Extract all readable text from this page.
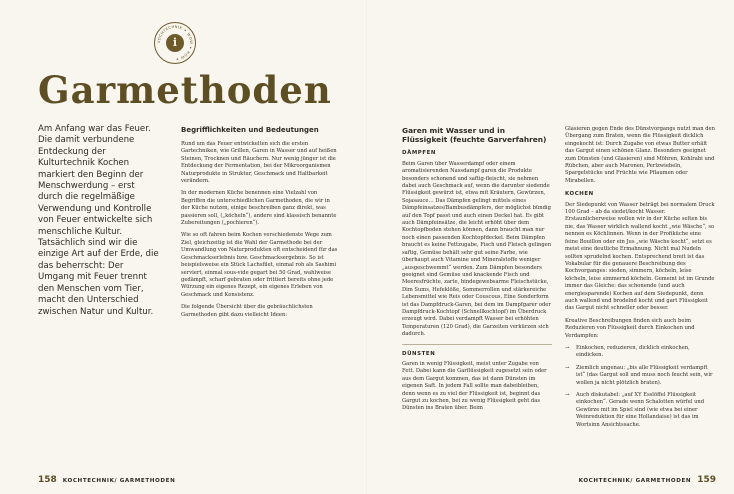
KOCHTECHNIK ✦ WOW ✦ HOW ✦
i
Garmethoden

Am Anfang war das Feuer. Die damit verbundene Entdeckung der Kulturtechnik Kochen markiert den Beginn der Menschwerdung – erst durch die regelmäßige Verwendung und Kontrolle von Feuer entwickelte sich menschliche Kultur. Tatsächlich sind wir die einzige Art auf der Erde, die das beherrscht: Der Umgang mit Feuer trennt den Menschen vom Tier, macht den Unterschied zwischen Natur und Kultur.

Begrifflichkeiten und Bedeutungen

Rund um das Feuer entwickelten sich die ersten Gartechniken, wie Grillen, Garen in Wasser und auf heißen Steinen, Trocknen und Räuchern. Nur wenig jünger ist die Entdeckung der Fermentation, bei der Mikroorganismen Naturprodukte in Struktur, Geschmack und Haltbarkeit verändern.

In der modernen Küche benennen eine Vielzahl von Begriffen die unterschiedlichen Garmethoden, die wir in der Küche nutzen, einige beschreiben ganz direkt, was passieren soll, („köcheln“), andere sind klassisch benannte Zubereitungen („pochieren“).

Wie so oft fahren beim Kochen verschiedenste Wege zum Ziel, gleichzeitig ist die Wahl der Garmethode bei der Umwandlung von Naturprodukten oft entscheidend für das Geschmackserlebnis bzw. Geschmacksergebnis. So ist beispielsweise ein Stück Lachsfilet, einmal roh als Sashimi serviert, einmal sous-vide gegart bei 50 Grad, wahlweise gedämpft, scharf gebraten oder frittiert bereits ohne jede Würzung ein eigenes Rezept, ein eigenes Erleben von Geschmack und Konsistenz.

Die folgende Übersicht über die gebräuchlichsten Garmethoden gibt dazu vielleicht Ideen:

Garen mit Wasser und in Flüssigkeit (feuchte Garverfahren)
DÄMPFEN

Beim Garen über Wasserdampf oder einem aromatisierenden Nassdampf garen die Produkte besonders schonend und saftig-fleischt, sie nehmen dabei auch Geschmack auf, wenn die darunter siedende Flüssigkeit gewürzt ist, etwa mit Kräutern, Gewürzen, Sojasauce… Das Dämpfen gelingt mittels eines Dämpfeinsatzes/Bambusdämpfers, der möglichst bündig auf den Topf passt und auch einen Deckel hat. Es gibt auch Dämpfeinsätze, die leicht erhöht über dem Kochtopfboden stehen können, dann braucht man nur noch einen passenden Kochtopfdeckel. Beim Dämpfen braucht es keine Fettzugabe, Fisch und Fleisch gelingen saftig, Gemüse behält sehr gut seine Farbe, wie überhaupt auch Vitamine und Mineralstoffe weniger „ausgeschwemmt“ werden. Zum Dämpfen besonders geeignet sind Gemüse und knackende Fisch und Meeresfrüchte, zarte, bindegewebsarme Fleischstücke, Dim Sums, Hefeklöße, Sommerrollen und stärkereiche Lebensmittel wie Reis oder Couscous. Eine Sonderform ist das Dampfdruck-Garen, bei dem im Dampfgarer oder Dampfdruck-Kochtopf (Schnellkochtopf) im Überdruck erzeugt wird. Dabei verdampft Wasser bei erhöhten Temperaturen (120 Grad), die Garzeiten verkürzen sich dadurch.

DÜNSTEN

Garen in wenig Flüssigkeit, meist unter Zugabe von Fett. Dabei kann die Garflüssigkeit zugesetzt sein oder aus dem Gargut kommen, das ist dann Dünsten im eigenen Saft. In jedem Fall sollte man dabeibleiben, denn wenn es zu viel der Flüssigkeit ist, beginnt das Gargut zu kochen, bei zu wenig Flüssigkeit geht das Dünsten ins Braten über. Beim

Glasieren gegen Ende des Dünstvorgangs nutzt man den Übergang zum Braten, wenn die Flüssigkeit dicklich eingekocht ist: Durch Zugabe von etwas Butter erhält das Gargut einen schönen Glanz. Besonders geeignet zum Dünsten (und Glasieren) sind Möhren, Kohlrabi und Rübchen, aber auch Maronen, Perlzwiebeln, Spargelstücke und Früchte wie Pflaumen oder Mirabellen.

KOCHEN

Der Siedepunkt von Wasser beträgt bei normalem Druck 100 Grad – ab da siedet/kocht Wasser. Erstaunlicherweise wollen wir in der Küche selten bis nie, das Wasser wirklich wallend kocht „wie Wäsche“, so nennen es Köchlinnen. Wenn in der Profiküche eine feine Bouillon oder ein Jus „wie Wäsche kocht“, setzt es meist eine deutliche Ermahnung. Nicht mal Nudeln sollten sprudelnd kochen. Entsprechend breit ist das Vokabular für die genauere Beschreibung des Kochvorganges: sieden, simmern, köcheln, leise köcheln, leise simmernd köcheln. Gemeint ist im Grunde immer das Gleiche: das schonende (und auch energiesparende) Kochen auf dem Siedepunkt, denn auch wallend und brodelnd kocht und gart Flüssigkeit das Gargut nicht schneller oder besser.

Kreative Beschreibungen finden sich auch beim Reduzieren von Flüssigkeit durch Einkochen und Verdampfen:

→ Einkochen, reduzieren, dicklich einkochen, eindicken.
→ Ziemlich ungenau: „bis alle Flüssigkeit verdampft ist“ (das Gargut soll und muss noch feucht sein, wir wollen ja nicht plötzlich braten).
→ Auch diskutabel: „auf XY Esslöffel Flüssigkeit einkochen“. Gerade wenn Schalotten würfel und Gewürze mit im Spiel sind (wie etwa bei einer Weinreduktion für eine Hollandaise) ist das im Wortsinn Ansichtssache.
158 KOCHTECHNIK/ GARMETHODEN	KOCHTECHNIK/ GARMETHODEN 159
